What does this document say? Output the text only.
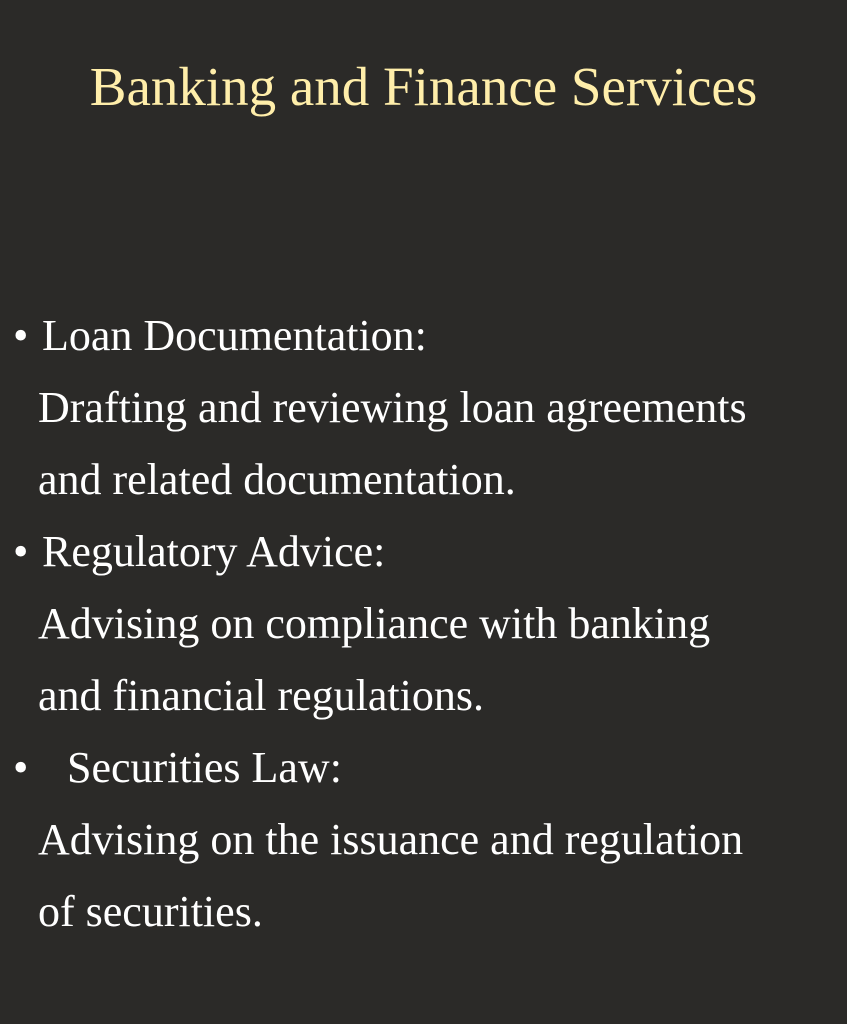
Banking and Finance Services
• Loan Documentation:
Drafting and reviewing loan agreements
and related documentation.
• Regulatory Advice:
Advising on compliance with banking
and financial regulations.
• Securities Law:
Advising on the issuance and regulation
of securities.
